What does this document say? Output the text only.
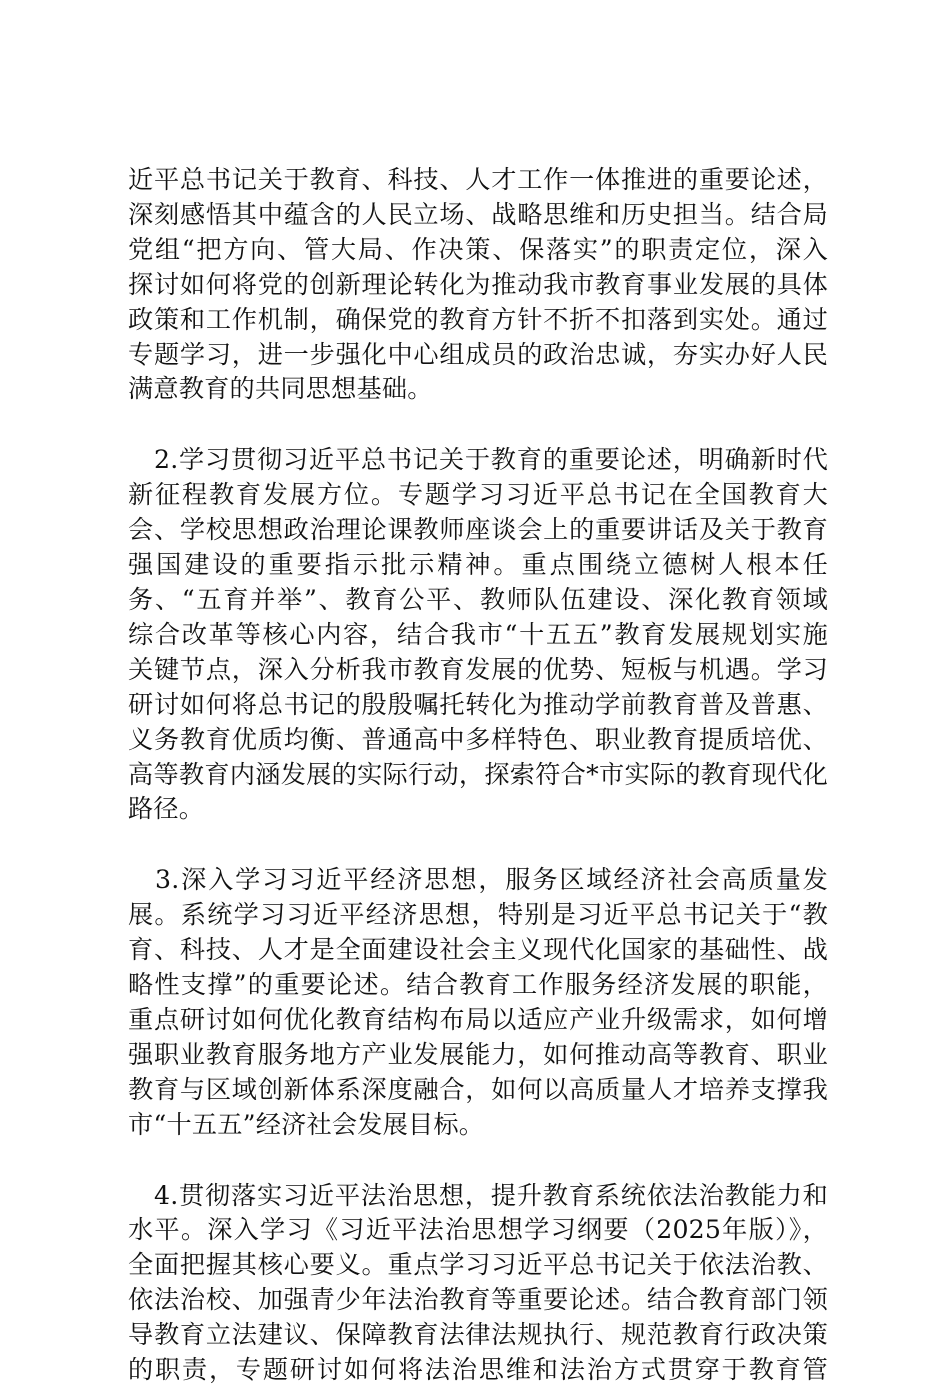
近平总书记关于教育、科技、人才工作一体推进的重要论述，
深刻感悟其中蕴含的人民立场、战略思维和历史担当。结合局
党组“把方向、管大局、作决策、保落实”的职责定位，深入
探讨如何将党的创新理论转化为推动我市教育事业发展的具体
政策和工作机制，确保党的教育方针不折不扣落到实处。通过
专题学习，进一步强化中心组成员的政治忠诚，夯实办好人民
满意教育的共同思想基础。
　2.学习贯彻习近平总书记关于教育的重要论述，明确新时代
新征程教育发展方位。专题学习习近平总书记在全国教育大
会、学校思想政治理论课教师座谈会上的重要讲话及关于教育
强国建设的重要指示批示精神。重点围绕立德树人根本任
务、“五育并举”、教育公平、教师队伍建设、深化教育领域
综合改革等核心内容，结合我市“十五五”教育发展规划实施
关键节点，深入分析我市教育发展的优势、短板与机遇。学习
研讨如何将总书记的殷殷嘱托转化为推动学前教育普及普惠、
义务教育优质均衡、普通高中多样特色、职业教育提质培优、
高等教育内涵发展的实际行动，探索符合*市实际的教育现代化
路径。
　3.深入学习习近平经济思想，服务区域经济社会高质量发
展。系统学习习近平经济思想，特别是习近平总书记关于“教
育、科技、人才是全面建设社会主义现代化国家的基础性、战
略性支撑”的重要论述。结合教育工作服务经济发展的职能，
重点研讨如何优化教育结构布局以适应产业升级需求，如何增
强职业教育服务地方产业发展能力，如何推动高等教育、职业
教育与区域创新体系深度融合，如何以高质量人才培养支撑我
市“十五五”经济社会发展目标。
　4.贯彻落实习近平法治思想，提升教育系统依法治教能力和
水平。深入学习《习近平法治思想学习纲要（2025年版）》，
全面把握其核心要义。重点学习习近平总书记关于依法治教、
依法治校、加强青少年法治教育等重要论述。结合教育部门领
导教育立法建议、保障教育法律法规执行、规范教育行政决策
的职责，专题研讨如何将法治思维和法治方式贯穿于教育管
